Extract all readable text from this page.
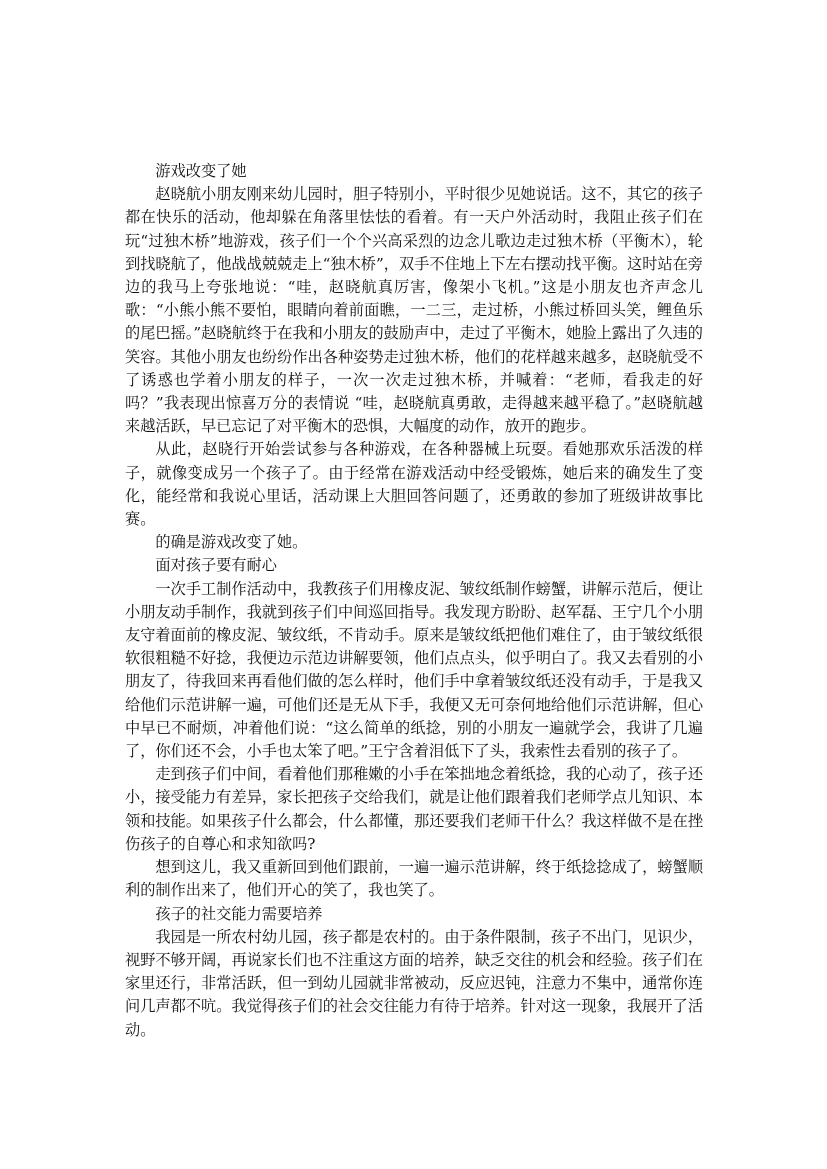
游戏改变了她

赵晓航小朋友刚来幼儿园时，胆子特别小，平时很少见她说话。这不，其它的孩子都在快乐的活动，他却躲在角落里怯怯的看着。有一天户外活动时，我阻止孩子们在玩“过独木桥”地游戏，孩子们一个个兴高采烈的边念儿歌边走过独木桥（平衡木），轮到找晓航了，他战战兢兢走上“独木桥”，双手不住地上下左右摆动找平衡。这时站在旁边的我马上夸张地说：“哇，赵晓航真厉害，像架小飞机。”这是小朋友也齐声念儿歌：“小熊小熊不要怕，眼睛向着前面瞧，一二三，走过桥，小熊过桥回头笑，鲤鱼乐的尾巴摇。”赵晓航终于在我和小朋友的鼓励声中，走过了平衡木，她脸上露出了久违的笑容。其他小朋友也纷纷作出各种姿势走过独木桥，他们的花样越来越多，赵晓航受不了诱惑也学着小朋友的样子，一次一次走过独木桥，并喊着：“老师，看我走的好吗？”我表现出惊喜万分的表情说 “哇，赵晓航真勇敢，走得越来越平稳了。”赵晓航越来越活跃，早已忘记了对平衡木的恐惧，大幅度的动作，放开的跑步。

从此，赵晓行开始尝试参与各种游戏，在各种器械上玩耍。看她那欢乐活泼的样子，就像变成另一个孩子了。由于经常在游戏活动中经受锻炼，她后来的确发生了变化，能经常和我说心里话，活动课上大胆回答问题了，还勇敢的参加了班级讲故事比赛。

的确是游戏改变了她。

面对孩子要有耐心

一次手工制作活动中，我教孩子们用橡皮泥、皱纹纸制作螃蟹，讲解示范后，便让小朋友动手制作，我就到孩子们中间巡回指导。我发现方盼盼、赵军磊、王宁几个小朋友守着面前的橡皮泥、皱纹纸，不肯动手。原来是皱纹纸把他们难住了，由于皱纹纸很软很粗糙不好捻，我便边示范边讲解要领，他们点点头，似乎明白了。我又去看别的小朋友了，待我回来再看他们做的怎么样时，他们手中拿着皱纹纸还没有动手，于是我又给他们示范讲解一遍，可他们还是无从下手，我便又无可奈何地给他们示范讲解，但心中早已不耐烦，冲着他们说：“这么简单的纸捻，别的小朋友一遍就学会，我讲了几遍了，你们还不会，小手也太笨了吧。”王宁含着泪低下了头，我索性去看别的孩子了。

走到孩子们中间，看着他们那稚嫩的小手在笨拙地念着纸捻，我的心动了，孩子还小，接受能力有差异，家长把孩子交给我们，就是让他们跟着我们老师学点儿知识、本领和技能。如果孩子什么都会，什么都懂，那还要我们老师干什么？我这样做不是在挫伤孩子的自尊心和求知欲吗?

想到这儿，我又重新回到他们跟前，一遍一遍示范讲解，终于纸捻捻成了，螃蟹顺利的制作出来了，他们开心的笑了，我也笑了。

孩子的社交能力需要培养

我园是一所农村幼儿园，孩子都是农村的。由于条件限制，孩子不出门，见识少，视野不够开阔，再说家长们也不注重这方面的培养，缺乏交往的机会和经验。孩子们在家里还行，非常活跃，但一到幼儿园就非常被动，反应迟钝，注意力不集中，通常你连问几声都不吭。我觉得孩子们的社会交往能力有待于培养。针对这一现象，我展开了活动。
